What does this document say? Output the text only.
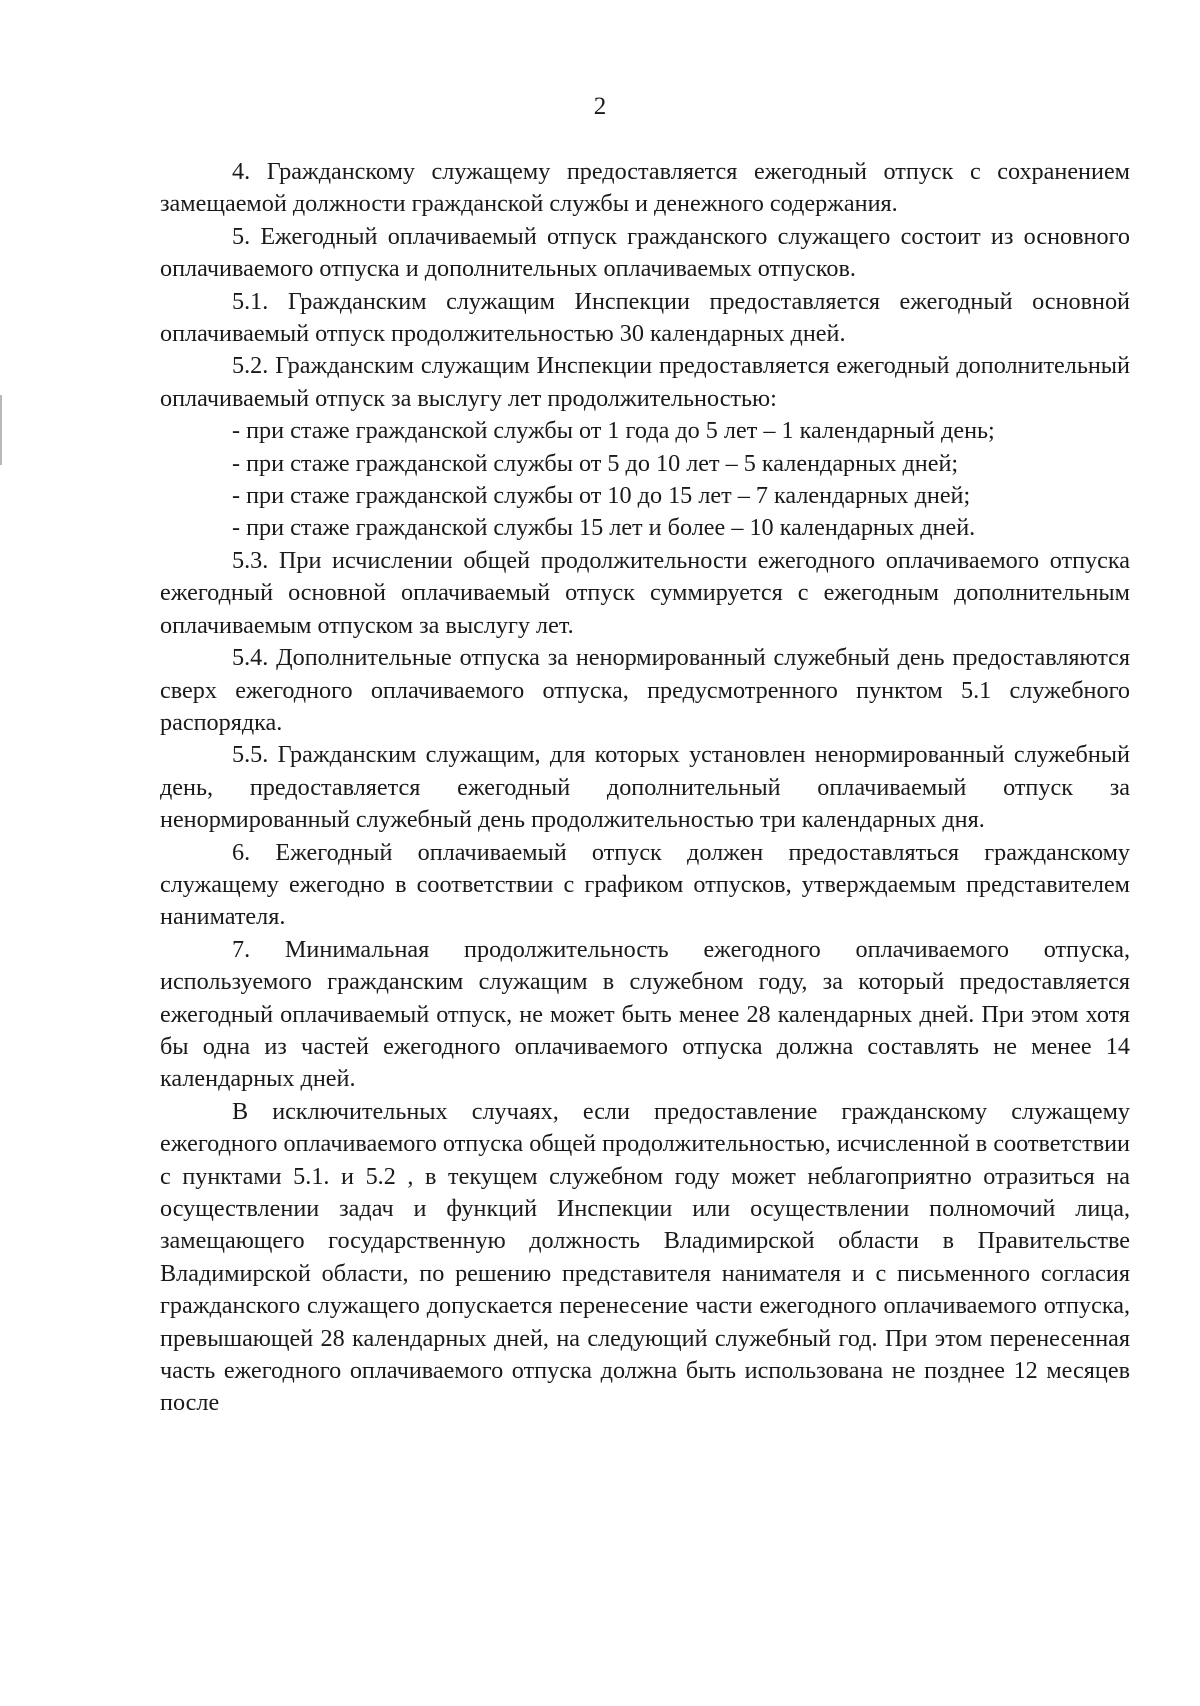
2

4. Гражданскому служащему предоставляется ежегодный отпуск с сохранением замещаемой должности гражданской службы и денежного содержания.

5. Ежегодный оплачиваемый отпуск гражданского служащего состоит из основного оплачиваемого отпуска и дополнительных оплачиваемых отпусков.

5.1. Гражданским служащим Инспекции предоставляется ежегодный основной оплачиваемый отпуск продолжительностью 30 календарных дней.

5.2. Гражданским служащим Инспекции предоставляется ежегодный дополнительный оплачиваемый отпуск за выслугу лет продолжительностью:

- при стаже гражданской службы от 1 года до 5 лет – 1 календарный день;

- при стаже гражданской службы от 5 до 10 лет – 5 календарных дней;

- при стаже гражданской службы от 10 до 15 лет – 7 календарных дней;

- при стаже гражданской службы 15 лет и более – 10 календарных дней.

5.3. При исчислении общей продолжительности ежегодного оплачиваемого отпуска ежегодный основной оплачиваемый отпуск суммируется с ежегодным дополнительным оплачиваемым отпуском за выслугу лет.

5.4. Дополнительные отпуска за ненормированный служебный день предоставляются сверх ежегодного оплачиваемого отпуска, предусмотренного пунктом 5.1 служебного распорядка.

5.5. Гражданским служащим, для которых установлен ненормированный служебный день, предоставляется ежегодный дополнительный оплачиваемый отпуск за ненормированный служебный день продолжительностью три календарных дня.

6. Ежегодный оплачиваемый отпуск должен предоставляться гражданскому служащему ежегодно в соответствии с графиком отпусков, утверждаемым представителем нанимателя.

7. Минимальная продолжительность ежегодного оплачиваемого отпуска, используемого гражданским служащим в служебном году, за который предоставляется ежегодный оплачиваемый отпуск, не может быть менее 28 календарных дней. При этом хотя бы одна из частей ежегодного оплачиваемого отпуска должна составлять не менее 14 календарных дней.

В исключительных случаях, если предоставление гражданскому служащему ежегодного оплачиваемого отпуска общей продолжительностью, исчисленной в соответствии с пунктами 5.1. и 5.2 , в текущем служебном году может неблагоприятно отразиться на осуществлении задач и функций Инспекции или осуществлении полномочий лица, замещающего государственную должность Владимирской области в Правительстве Владимирской области, по решению представителя нанимателя и с письменного согласия гражданского служащего допускается перенесение части ежегодного оплачиваемого отпуска, превышающей 28 календарных дней, на следующий служебный год. При этом перенесенная часть ежегодного оплачиваемого отпуска должна быть использована не позднее 12 месяцев после
